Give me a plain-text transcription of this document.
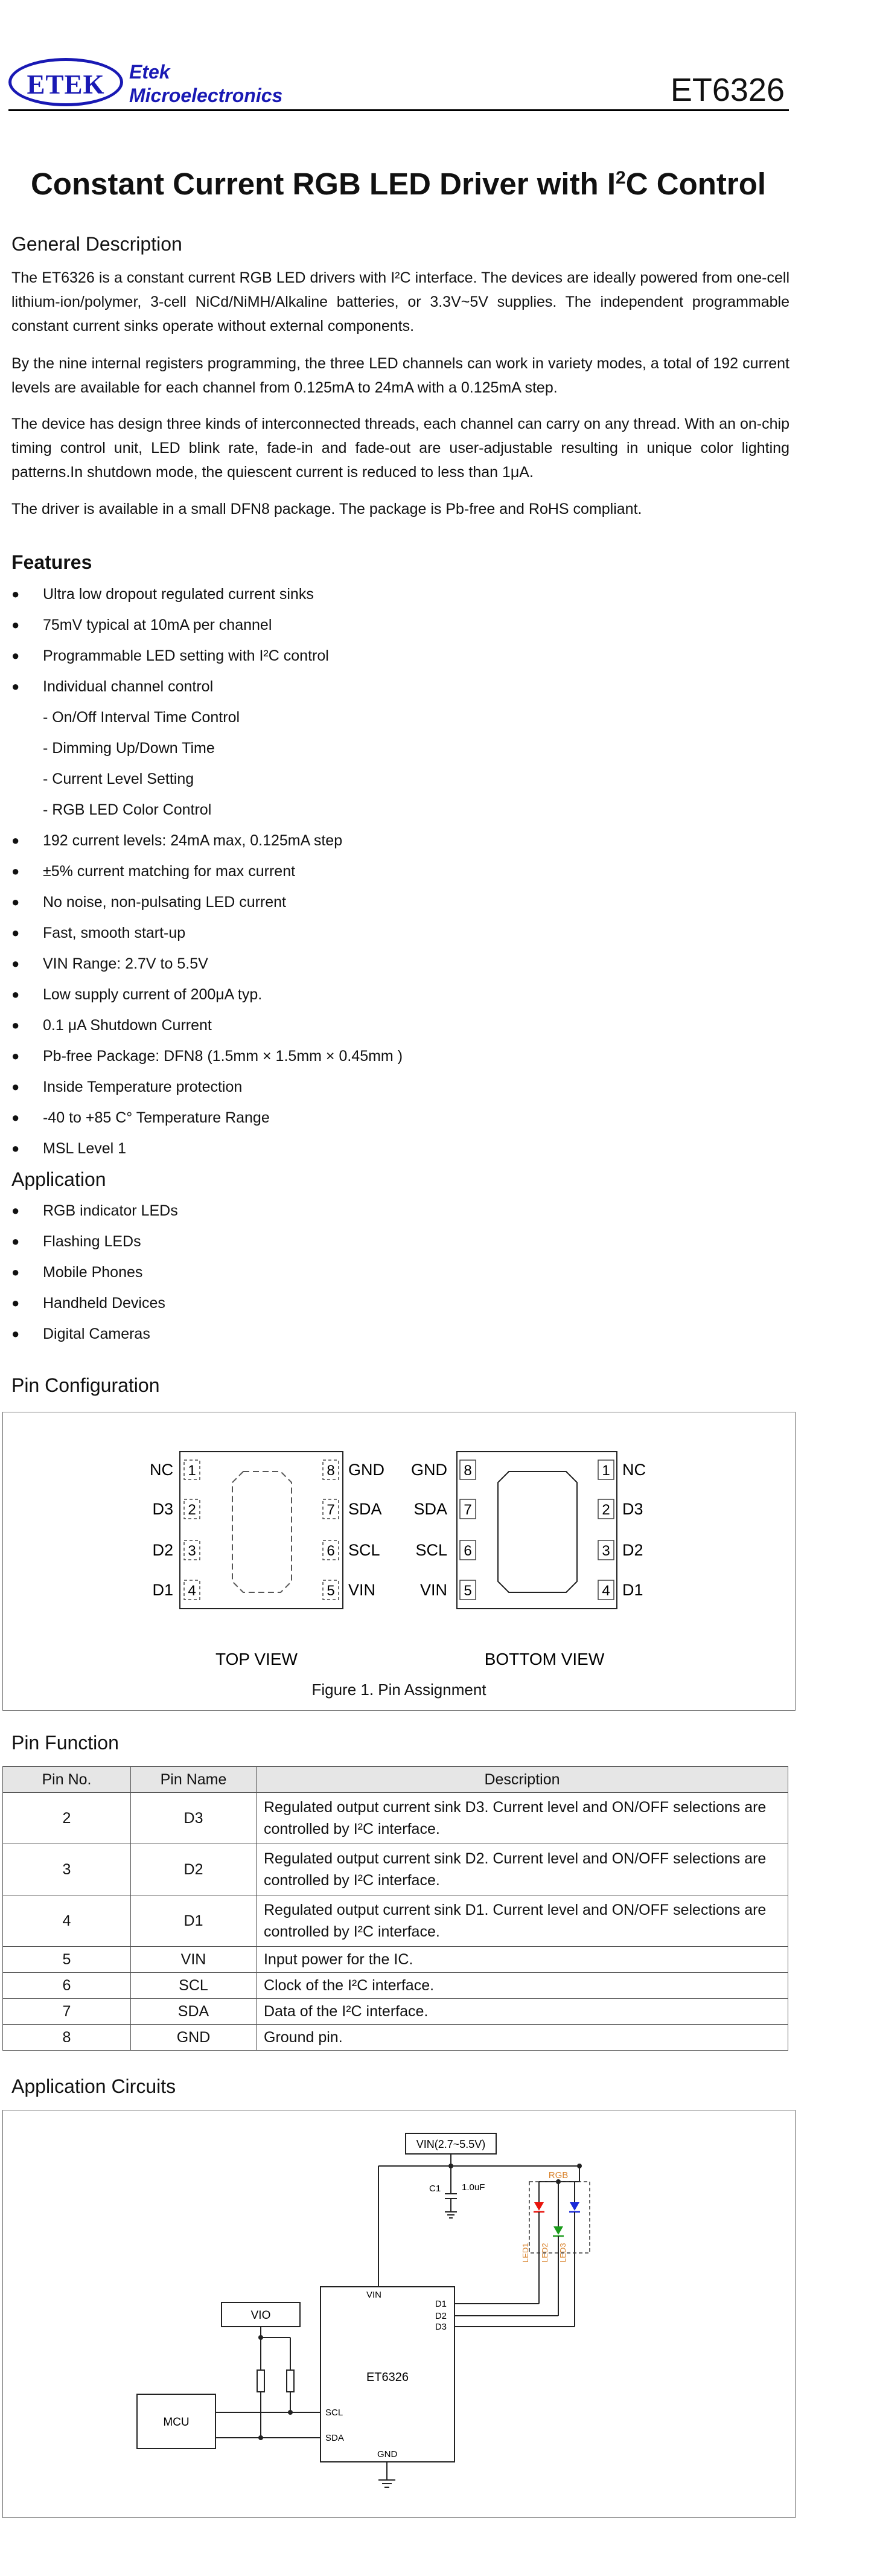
ETEK	Etek
Microelectronics	ET6326
Constant Current RGB LED Driver with $I^2C$ Control
General Description
The ET6326 is a constant current RGB LED drivers with I²C interface. The devices are ideally powered from one-cell lithium-ion/polymer, 3-cell NiCd/NiMH/Alkaline batteries, or 3.3V~5V supplies. The independent programmable constant current sinks operate without external components.
By the nine internal registers programming, the three LED channels can work in variety modes, a total of 192 current levels are available for each channel from 0.125mA to 24mA with a 0.125mA step.
The device has design three kinds of interconnected threads, each channel can carry on any thread. With an on-chip timing control unit, LED blink rate, fade-in and fade-out are user-adjustable resulting in unique color lighting patterns.In shutdown mode, the quiescent current is reduced to less than 1μA.
The driver is available in a small DFN8 package. The package is Pb-free and RoHS compliant.
Features
● Ultra low dropout regulated current sinks
● 75mV typical at 10mA per channel
● Programmable LED setting with I²C control
● Individual channel control
- On/Off Interval Time Control
- Dimming Up/Down Time
- Current Level Setting
- RGB LED Color Control
● 192 current levels: 24mA max, 0.125mA step
● ±5% current matching for max current
● No noise, non-pulsating LED current
● Fast, smooth start-up
● VIN Range: 2.7V to 5.5V
● Low supply current of 200μA typ.
● 0.1 μA Shutdown Current
● Pb-free Package: DFN8 (1.5mm × 1.5mm × 0.45mm )
● Inside Temperature protection
● -40 to +85 C° Temperature Range
● MSL Level 1
Application
● RGB indicator LEDs
● Flashing LEDs
● Mobile Phones
● Handheld Devices
● Digital Cameras
Pin Configuration
1
NC	8 GND	8
GND	1 NC
2
D3	7 SDA	7
SDA	2 D3
3
D2	6 SCL	6
SCL	3 D2
4
D1	5 VIN	5
VIN	4 D1
TOP VIEW	BOTTOM VIEW
Figure 1. Pin Assignment
Pin Function
Pin No.	Pin Name	Description
2	D3	Regulated output current sink D3. Current level and ON/OFF selections are controlled by I²C interface.
3	D2	Regulated output current sink D2. Current level and ON/OFF selections are controlled by I²C interface.
4	D1	Regulated output current sink D1. Current level and ON/OFF selections are controlled by I²C interface.
5	VIN	Input power for the IC.
6	SCL	Clock of the I²C interface.
7	SDA	Data of the I²C interface.
8	GND	Ground pin.
Application Circuits
VIN(2.7~5.5V)
C1 1.0uF
RGB
LED1 LED2 LED3
ET6326
VIN
D1
D2
D3
SCL
SDA
GND
VIO
MCU
